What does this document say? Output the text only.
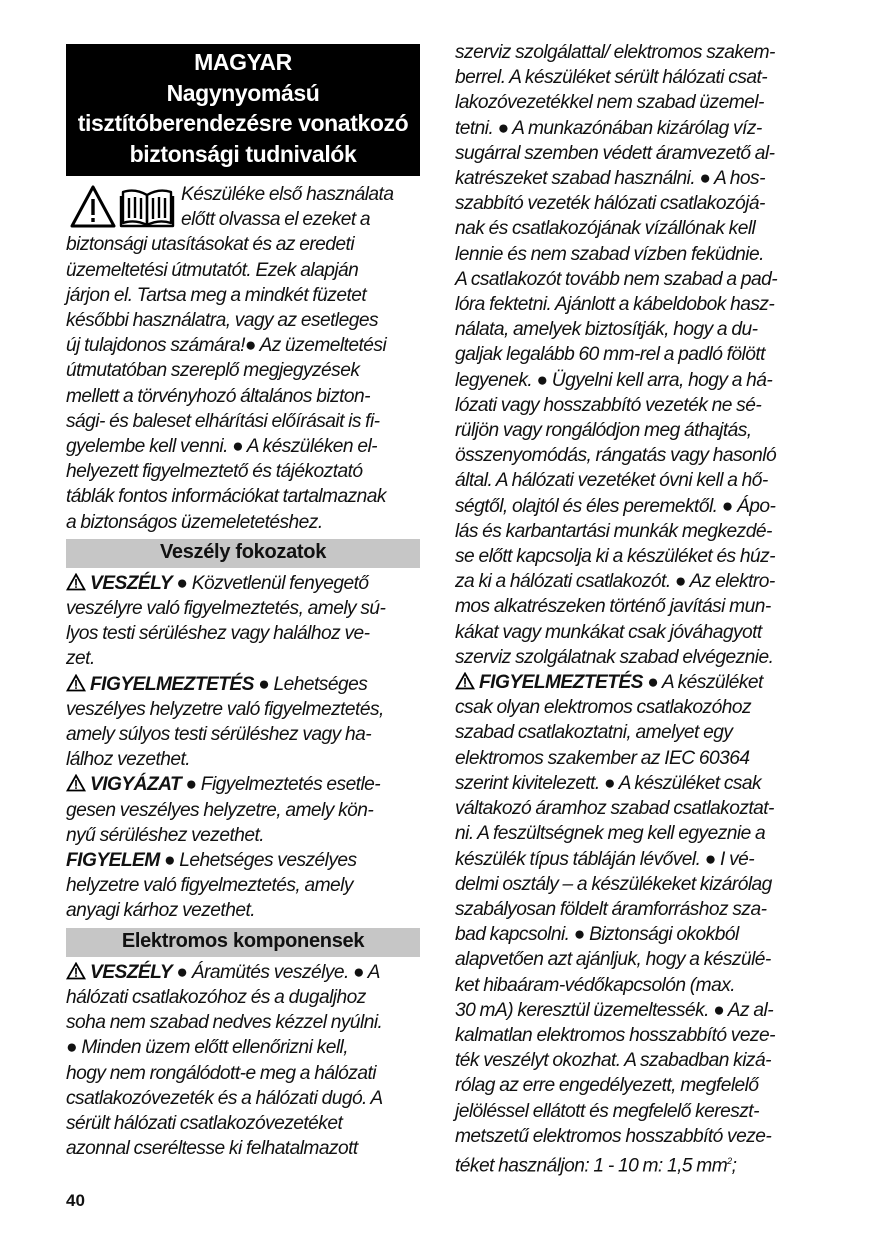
MAGYAR
Nagynyomású
tisztítóberendezésre vonatkozó
biztonsági tudnivalók

Készüléke első használata

előtt olvassa el ezeket a

biztonsági utasításokat és az eredeti

üzemeltetési útmutatót. Ezek alapján

járjon el. Tartsa meg a mindkét füzetet

későbbi használatra, vagy az esetleges

új tulajdonos számára!● Az üzemeltetési

útmutatóban szereplő megjegyzések

mellett a törvényhozó általános bizton-

sági- és baleset elhárítási előírásait is fi-

gyelembe kell venni. ● A készüléken el-

helyezett figyelmeztető és tájékoztató

táblák fontos információkat tartalmaznak

a biztonságos üzemeletetéshez.

Veszély fokozatok

VESZÉLY ● Közvetlenül fenyegető

veszélyre való figyelmeztetés, amely sú-

lyos testi sérüléshez vagy halálhoz ve-

zet.

FIGYELMEZTETÉS ● Lehetséges

veszélyes helyzetre való figyelmeztetés,

amely súlyos testi sérüléshez vagy ha-

lálhoz vezethet.

VIGYÁZAT ● Figyelmeztetés esetle-

gesen veszélyes helyzetre, amely kön-

nyű sérüléshez vezethet.

FIGYELEM ● Lehetséges veszélyes

helyzetre való figyelmeztetés, amely

anyagi kárhoz vezethet.

Elektromos komponensek

VESZÉLY ● Áramütés veszélye. ● A

hálózati csatlakozóhoz és a dugaljhoz

soha nem szabad nedves kézzel nyúlni.

● Minden üzem előtt ellenőrizni kell,

hogy nem rongálódott-e meg a hálózati

csatlakozóvezeték és a hálózati dugó. A

sérült hálózati csatlakozóvezetéket

azonnal cseréltesse ki felhatalmazott

szerviz szolgálattal/ elektromos szakem-

berrel. A készüléket sérült hálózati csat-

lakozóvezetékkel nem szabad üzemel-

tetni. ● A munkazónában kizárólag víz-

sugárral szemben védett áramvezető al-

katrészeket szabad használni. ● A hos-

szabbító vezeték hálózati csatlakozójá-

nak és csatlakozójának vízállónak kell

lennie és nem szabad vízben feküdnie.

A csatlakozót tovább nem szabad a pad-

lóra fektetni. Ajánlott a kábeldobok hasz-

nálata, amelyek biztosítják, hogy a du-

galjak legalább 60 mm-rel a padló fölött

legyenek. ● Ügyelni kell arra, hogy a há-

lózati vagy hosszabbító vezeték ne sé-

rüljön vagy rongálódjon meg áthajtás,

összenyomódás, rángatás vagy hasonló

által. A hálózati vezetéket óvni kell a hő-

ségtől, olajtól és éles peremektől. ● Ápo-

lás és karbantartási munkák megkezdé-

se előtt kapcsolja ki a készüléket és húz-

za ki a hálózati csatlakozót. ● Az elektro-

mos alkatrészeken történő javítási mun-

kákat vagy munkákat csak jóváhagyott

szerviz szolgálatnak szabad elvégeznie.

FIGYELMEZTETÉS ● A készüléket

csak olyan elektromos csatlakozóhoz

szabad csatlakoztatni, amelyet egy

elektromos szakember az IEC 60364

szerint kivitelezett. ● A készüléket csak

váltakozó áramhoz szabad csatlakoztat-

ni. A feszültségnek meg kell egyeznie a

készülék típus tábláján lévővel. ● I vé-

delmi osztály – a készülékeket kizárólag

szabályosan földelt áramforráshoz sza-

bad kapcsolni. ● Biztonsági okokból

alapvetően azt ajánljuk, hogy a készülé-

ket hibaáram-védőkapcsolón (max.

30 mA) keresztül üzemeltessék. ● Az al-

kalmatlan elektromos hosszabbító veze-

ték veszélyt okozhat. A szabadban kizá-

rólag az erre engedélyezett, megfelelő

jelöléssel ellátott és megfelelő kereszt-

metszetű elektromos hosszabbító veze-

téket használjon: 1 - 10 m: 1,5 $mm^2$;

40
